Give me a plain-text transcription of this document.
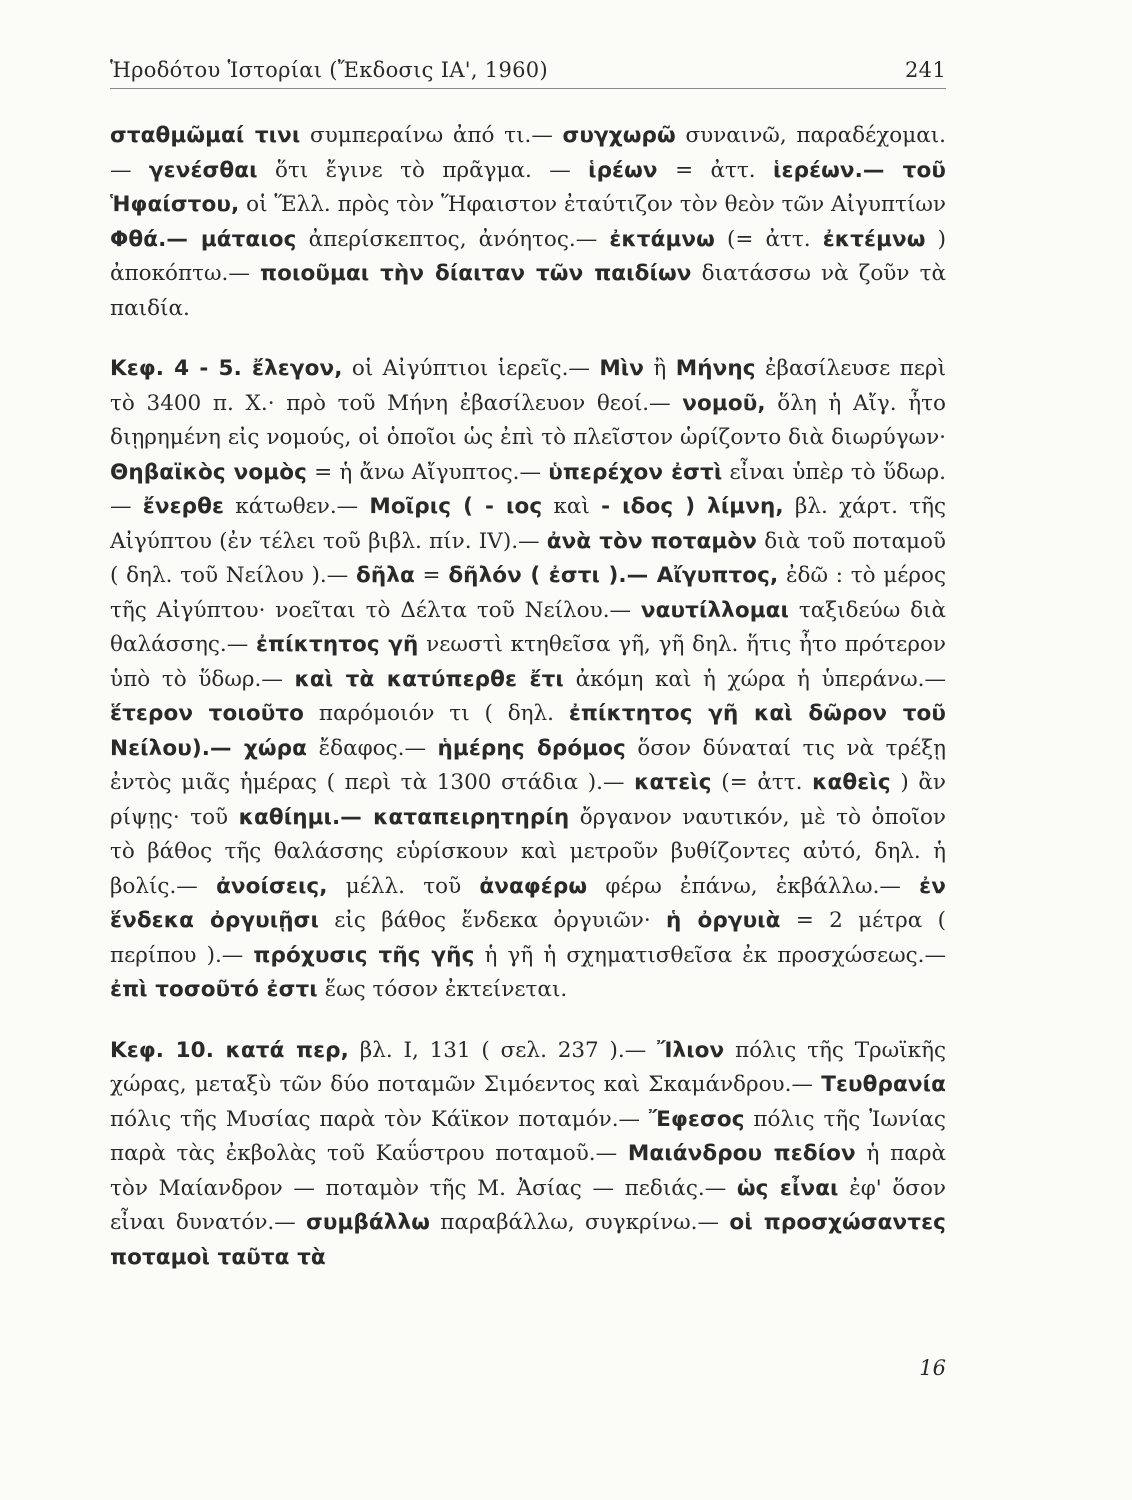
Ἡροδότου Ἱστορίαι (Ἔκδοσις ΙΑ', 1960)	241

σταθμῶμαί τινι συμπεραίνω ἀπό τι.— συγχωρῶ συναινῶ, παραδέχομαι. — γενέσθαι ὅτι ἔγινε τὸ πρᾶγμα. — ἱρέων = ἀττ. ἱερέων.— τοῦ Ἡφαίστου, οἱ Ἕλλ. πρὸς τὸν Ἥφαιστον ἐταύτιζον τὸν θεὸν τῶν Αἰγυπτίων Φθά.— μάταιος ἀπερίσκεπτος, ἀνόητος.— ἐκτάμνω (= ἀττ. ἐκτέμνω ) ἀποκόπτω.— ποιοῦμαι τὴν δίαιταν τῶν παιδίων διατάσσω νὰ ζοῦν τὰ παιδία.

Κεφ. 4 - 5. ἔλεγον, οἱ Αἰγύπτιοι ἱερεῖς.— Μὶν ἢ Μήνης ἐβασίλευσε περὶ τὸ 3400 π. Χ.· πρὸ τοῦ Μήνη ἐβασίλευον θεοί.— νομοῦ, ὅλη ἡ Αἴγ. ἦτο διῃρημένη εἰς νομούς, οἱ ὁποῖοι ὡς ἐπὶ τὸ πλεῖστον ὡρίζοντο διὰ διωρύγων· Θηβαϊκὸς νομὸς = ἡ ἄνω Αἴγυπτος.— ὑπερέχον ἐστὶ εἶναι ὑπὲρ τὸ ὕδωρ.— ἔνερθε κάτωθεν.— Μοῖρις ( - ιος καὶ - ιδος ) λίμνη, βλ. χάρτ. τῆς Αἰγύπτου (ἐν τέλει τοῦ βιβλ. πίν. IV).— ἀνὰ τὸν ποταμὸν διὰ τοῦ ποταμοῦ ( δηλ. τοῦ Νείλου ).— δῆλα = δῆλόν ( ἐστι ).— Αἴγυπτος, ἐδῶ : τὸ μέρος τῆς Αἰγύπτου· νοεῖται τὸ Δέλτα τοῦ Νείλου.— ναυτίλλομαι ταξιδεύω διὰ θαλάσσης.— ἐπίκτητος γῆ νεωστὶ κτηθεῖσα γῆ, γῆ δηλ. ἥτις ἦτο πρότερον ὑπὸ τὸ ὕδωρ.— καὶ τὰ κατύπερθε ἔτι ἀκόμη καὶ ἡ χώρα ἡ ὑπεράνω.— ἕτερον τοιοῦτο παρόμοιόν τι ( δηλ. ἐπίκτητος γῆ καὶ δῶρον τοῦ Νείλου).— χώρα ἔδαφος.— ἡμέρης δρόμος ὅσον δύναταί τις νὰ τρέξῃ ἐντὸς μιᾶς ἡμέρας ( περὶ τὰ 1300 στάδια ).— κατεὶς (= ἀττ. καθεὶς ) ἂν ρίψῃς· τοῦ καθίημι.— καταπειρητηρίη ὄργανον ναυτικόν, μὲ τὸ ὁποῖον τὸ βάθος τῆς θαλάσσης εὑρίσκουν καὶ μετροῦν βυθίζοντες αὐτό, δηλ. ἡ βολίς.— ἀνοίσεις, μέλλ. τοῦ ἀναφέρω φέρω ἐπάνω, ἐκβάλλω.— ἐν ἕνδεκα ὀργυιῇσι εἰς βάθος ἕνδεκα ὀργυιῶν· ἡ ὀργυιὰ = 2 μέτρα ( περίπου ).— πρόχυσις τῆς γῆς ἡ γῆ ἡ σχηματισθεῖσα ἐκ προσχώσεως.— ἐπὶ τοσοῦτό ἐστι ἕως τόσον ἐκτείνεται.

Κεφ. 10. κατά περ, βλ. Ι, 131 ( σελ. 237 ).— Ἴλιον πόλις τῆς Τρωϊκῆς χώρας, μεταξὺ τῶν δύο ποταμῶν Σιμόεντος καὶ Σκαμάνδρου.— Τευθρανία πόλις τῆς Μυσίας παρὰ τὸν Κάϊκον ποταμόν.— Ἔφεσος πόλις τῆς Ἰωνίας παρὰ τὰς ἐκβολὰς τοῦ Καΰστρου ποταμοῦ.— Μαιάνδρου πεδίον ἡ παρὰ τὸν Μαίανδρον — ποταμὸν τῆς Μ. Ἀσίας — πεδιάς.— ὡς εἶναι ἐφ' ὅσον εἶναι δυνατόν.— συμβάλλω παραβάλλω, συγκρίνω.— οἱ προσχώσαντες ποταμοὶ ταῦτα τὰ

16
